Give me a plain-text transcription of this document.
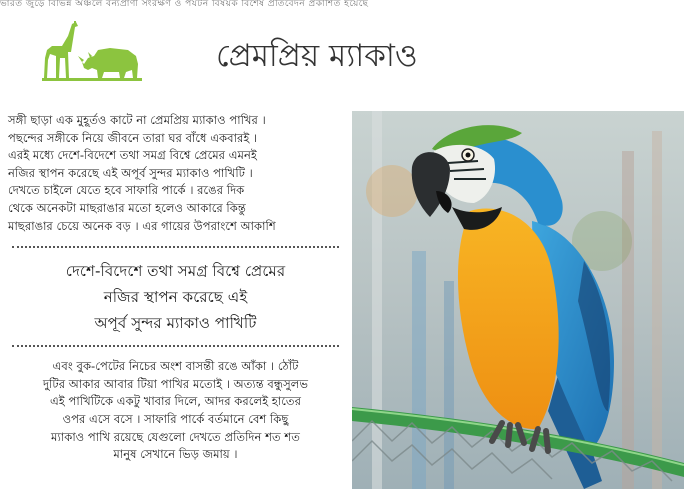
ভারত জুড়ে বিভিন্ন অঞ্চলে বন্যপ্রাণী সংরক্ষণ ও পর্যটন বিষয়ক বিশেষ প্রতিবেদন প্রকাশিত হয়েছে
প্রেমপ্রিয় ম্যাকাও
সঙ্গী ছাড়া এক মুহূর্তও কাটে না প্রেমপ্রিয় ম্যাকাও পাখির ।
পছন্দের সঙ্গীকে নিয়ে জীবনে তারা ঘর বাঁধে একবারই ।
এরই মধ্যে দেশে-বিদেশে তথা সমগ্র বিশ্বে প্রেমের এমনই
নজির স্থাপন করেছে এই অপূর্ব সুন্দর ম্যাকাও পাখিটি ।
দেখতে চাইলে যেতে হবে সাফারি পার্কে । রঙের দিক
থেকে অনেকটা মাছরাঙার মতো হলেও আকারে কিন্তু
মাছরাঙার চেয়ে অনেক বড় । এর গায়ের উপরাংশে আকাশি
দেশে-বিদেশে তথা সমগ্র বিশ্বে প্রেমের
নজির স্থাপন করেছে এই
অপূর্ব সুন্দর ম্যাকাও পাখিটি
এবং বুক-পেটের নিচের অংশ বাসন্তী রঙে আঁকা । ঠোঁট
দুটির আকার আবার টিয়া পাখির মতোই । অত্যন্ত বন্ধুসুলভ
এই পাখিটিকে একটু খাবার দিলে, আদর করলেই হাতের
ওপর এসে বসে । সাফারি পার্কে বর্তমানে বেশ কিছু
ম্যাকাও পাখি রয়েছে যেগুলো দেখতে প্রতিদিন শত শত
মানুষ সেখানে ভিড় জমায় ।
